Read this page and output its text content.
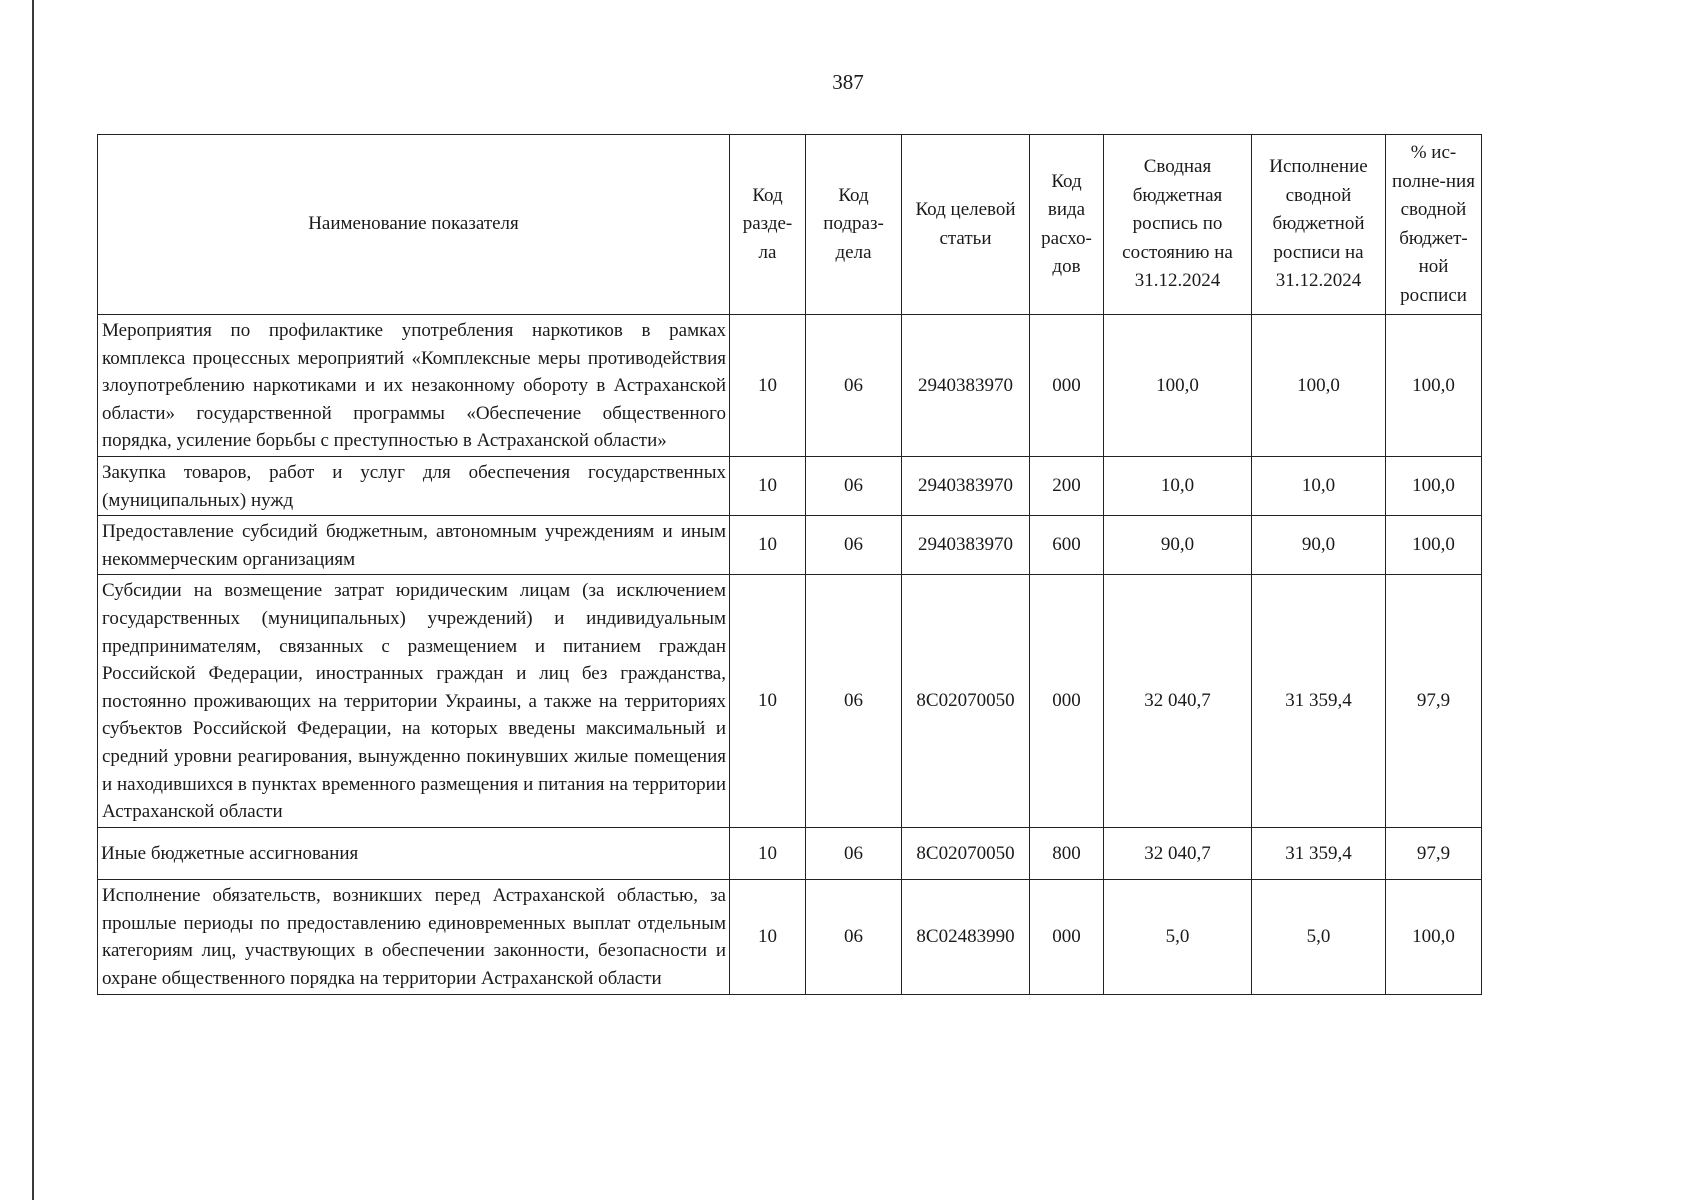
387
Наименование показателя	Код разде-ла	Код подраз-дела	Код целевой статьи	Код вида расхо-дов	Сводная бюджетная роспись по состоянию на 31.12.2024	Исполнение сводной бюджетной росписи на 31.12.2024	% ис-полне-ния сводной бюджет-ной росписи
Мероприятия по профилактике употребления наркотиков в рамках комплекса процессных мероприятий «Комплексные меры противодействия злоупотреблению наркотиками и их незаконному обороту в Астраханской области» государственной программы «Обеспечение общественного порядка, усиление борьбы с преступностью в Астраханской области»	10	06	2940383970	000	100,0	100,0	100,0
Закупка товаров, работ и услуг для обеспечения государственных (муниципальных) нужд	10	06	2940383970	200	10,0	10,0	100,0
Предоставление субсидий бюджетным, автономным учреждениям и иным некоммерческим организациям	10	06	2940383970	600	90,0	90,0	100,0
Субсидии на возмещение затрат юридическим лицам (за исключением государственных (муниципальных) учреждений) и индивидуальным предпринимателям, связанных с размещением и питанием граждан Российской Федерации, иностранных граждан и лиц без гражданства, постоянно проживающих на территории Украины, а также на территориях субъектов Российской Федерации, на которых введены максимальный и средний уровни реагирования, вынужденно покинувших жилые помещения и находившихся в пунктах временного размещения и питания на территории Астраханской области	10	06	8С02070050	000	32 040,7	31 359,4	97,9
Иные бюджетные ассигнования	10	06	8С02070050	800	32 040,7	31 359,4	97,9
Исполнение обязательств, возникших перед Астраханской областью, за прошлые периоды по предоставлению единовременных выплат отдельным категориям лиц, участвующих в обеспечении законности, безопасности и охране общественного порядка на территории Астраханской области	10	06	8С02483990	000	5,0	5,0	100,0
